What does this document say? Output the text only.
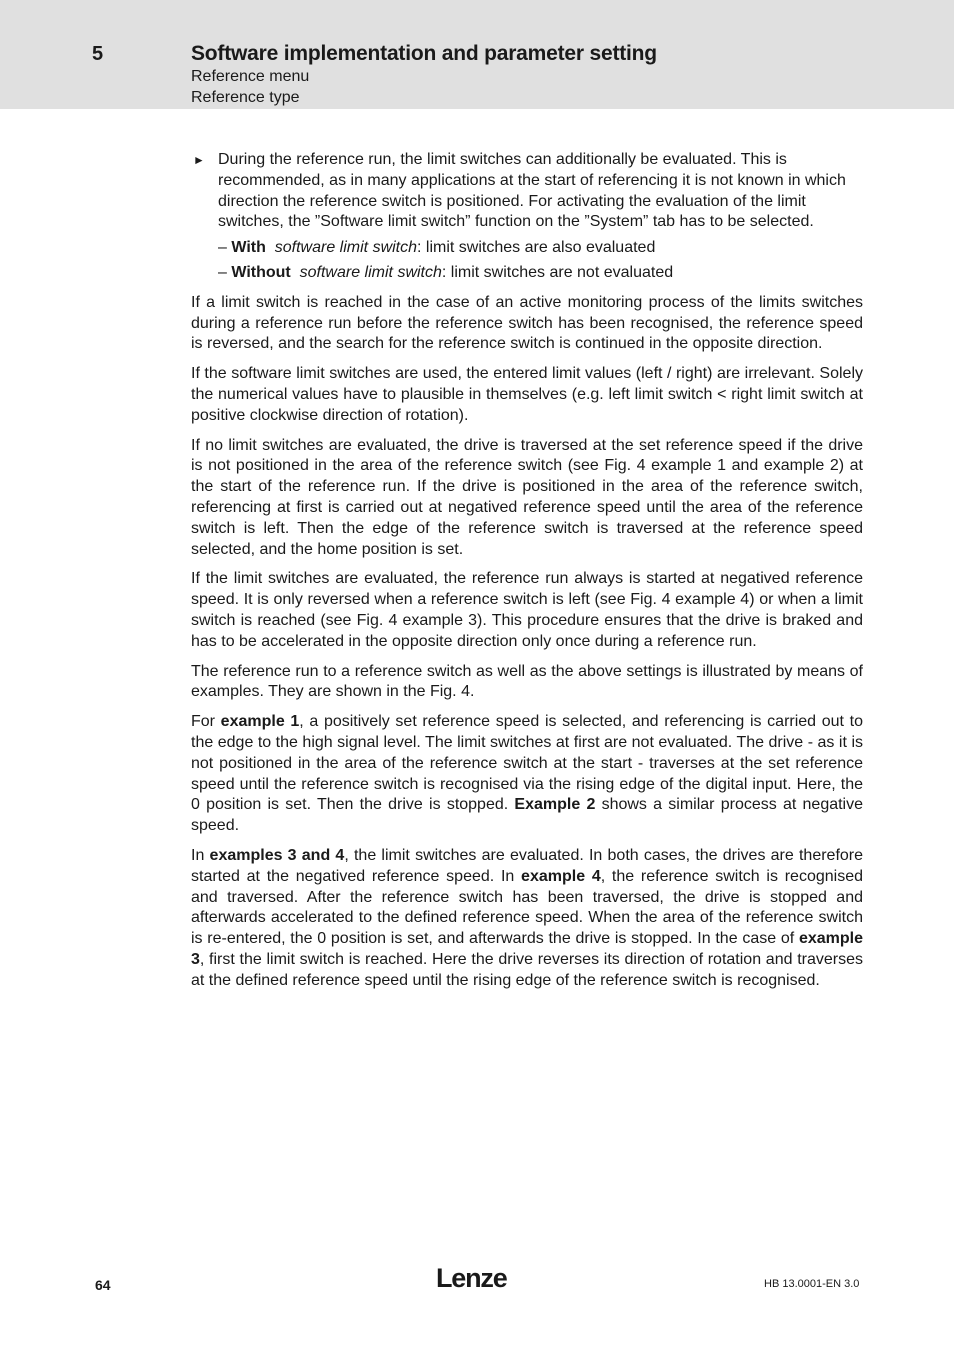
5	Software implementation and parameter setting
Reference menu
Reference type
► During the reference run, the limit switches can additionally be evaluated. This is recommended, as in many applications at the start of referencing it is not known in which direction the reference switch is positioned. For activating the evaluation of the limit switches, the ”Software limit switch” function on the ”System” tab has to be selected.

– With software limit switch: limit switches are also evaluated
– Without software limit switch: limit switches are not evaluated

If a limit switch is reached in the case of an active monitoring process of the limits switches during a reference run before the reference switch has been recognised, the reference speed is reversed, and the search for the reference switch is continued in the opposite direction.

If the software limit switches are used, the entered limit values (left / right) are irrelevant. Solely the numerical values have to plausible in themselves (e.g. left limit switch < right limit switch at positive clockwise direction of rotation).

If no limit switches are evaluated, the drive is traversed at the set reference speed if the drive is not positioned in the area of the reference switch (see Fig. 4 example 1 and example 2) at the start of the reference run. If the drive is positioned in the area of the reference switch, referencing at first is carried out at negatived reference speed until the area of the reference switch is left. Then the edge of the reference switch is traversed at the reference speed selected, and the home position is set.

If the limit switches are evaluated, the reference run always is started at negatived reference speed. It is only reversed when a reference switch is left (see Fig. 4 example 4) or when a limit switch is reached (see Fig. 4 example 3). This procedure ensures that the drive is braked and has to be accelerated in the opposite direction only once during a reference run.

The reference run to a reference switch as well as the above settings is illustrated by means of examples. They are shown in the Fig. 4.

For example 1, a positively set reference speed is selected, and referencing is carried out to the edge to the high signal level. The limit switches at first are not evaluated. The drive - as it is not positioned in the area of the reference switch at the start - traverses at the set reference speed until the reference switch is recognised via the rising edge of the digital input. Here, the 0 position is set. Then the drive is stopped. Example 2 shows a similar process at negative speed.

In examples 3 and 4, the limit switches are evaluated. In both cases, the drives are therefore started at the negatived reference speed. In example 4, the reference switch is recognised and traversed. After the reference switch has been traversed, the drive is stopped and afterwards accelerated to the defined reference speed. When the area of the reference switch is re-entered, the 0 position is set, and afterwards the drive is stopped. In the case of example 3, first the limit switch is reached. Here the drive reverses its direction of rotation and traverses at the defined reference speed until the rising edge of the reference switch is recognised.

64	Lenze	HB 13.0001-EN 3.0
